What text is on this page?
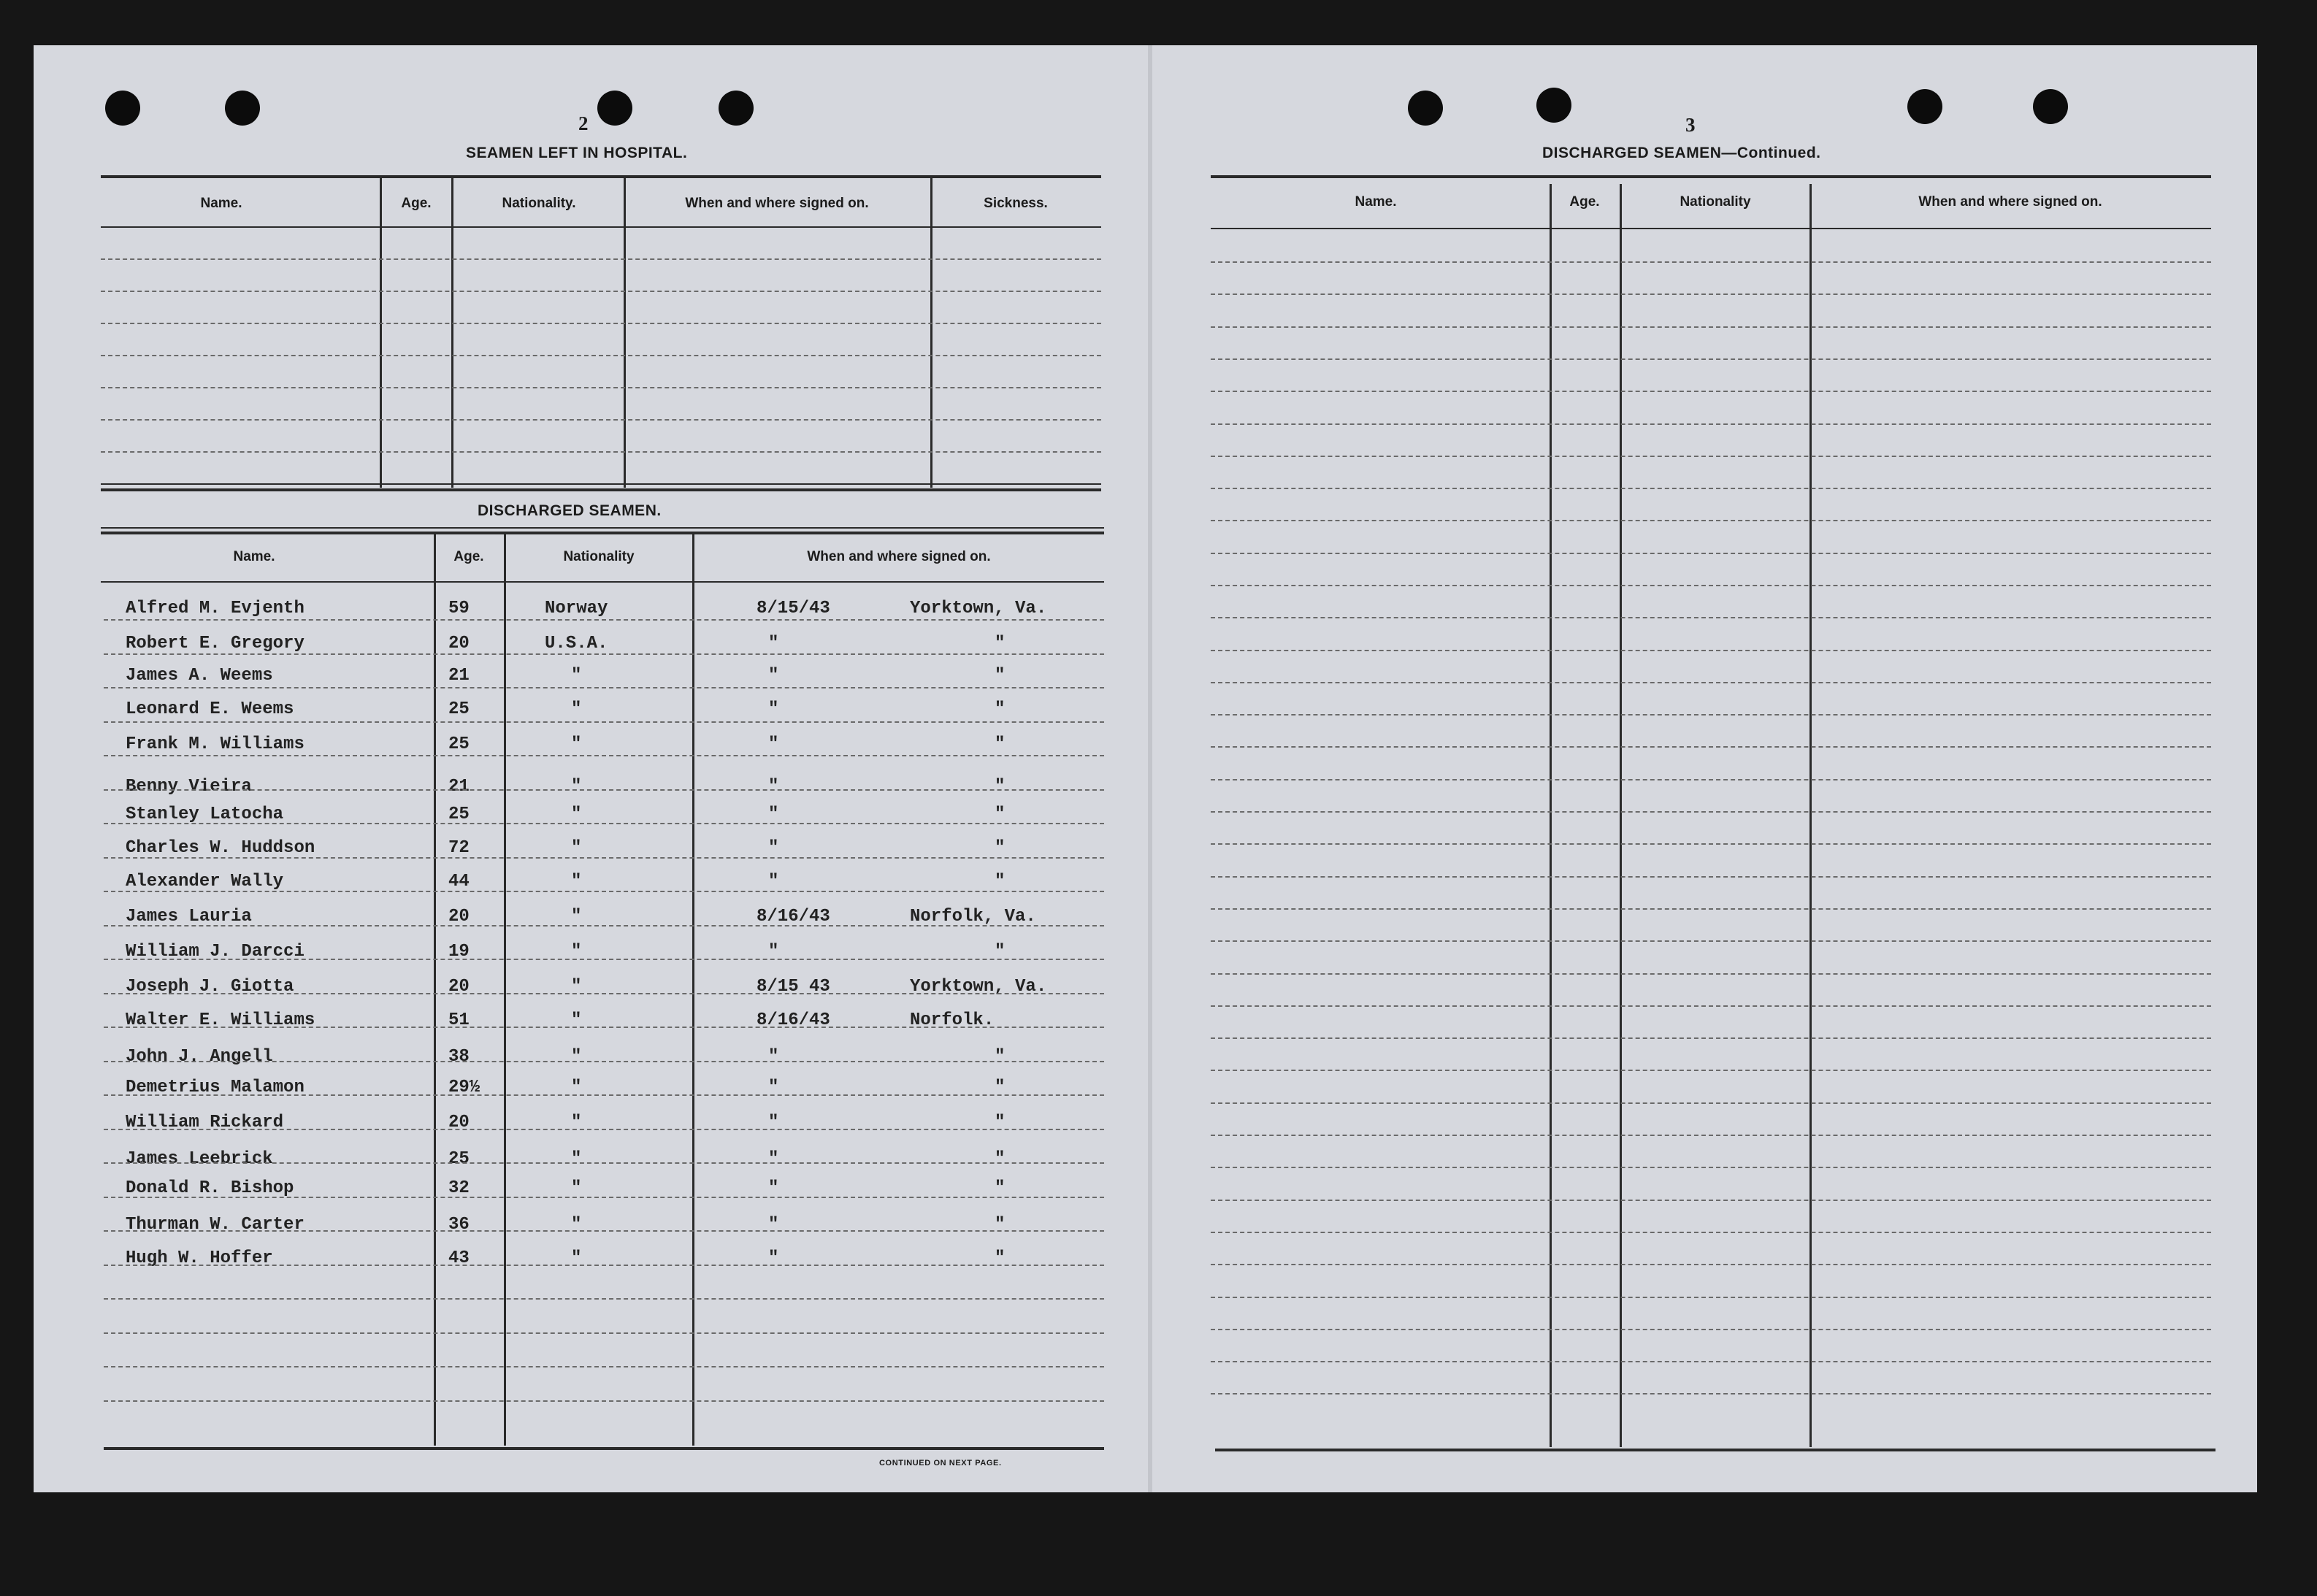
2
SEAMEN LEFT IN HOSPITAL.
Name.	Age.	Nationality.	When and where signed on.	Sickness.
DISCHARGED SEAMEN.
Name.	Age.	Nationality	When and where signed on.
Alfred M. Evjenth	59	Norway	8/15/43	Yorktown, Va.
Robert E. Gregory	20	U.S.A.	"	"
James A. Weems	21	"	"	"
Leonard E. Weems	25	"	"	"
Frank M. Williams	25	"	"	"
Benny Vieira	21	"	"	"
Stanley Latocha	25	"	"	"
Charles W. Huddson	72	"	"	"
Alexander Wally	44	"	"	"
James Lauria	20	"	8/16/43	Norfolk, Va.
William J. Darcci	19	"	"	"
Joseph J. Giotta	20	"	8/15 43	Yorktown, Va.
Walter E. Williams	51	"	8/16/43	Norfolk.
John J. Angell	38	"	"	"
Demetrius Malamon	29½	"	"	"
William Rickard	20	"	"	"
James Leebrick	25	"	"	"
Donald R. Bishop	32	"	"	"
Thurman W. Carter	36	"	"	"
Hugh W. Hoffer	43	"	"	"
CONTINUED ON NEXT PAGE.
3
DISCHARGED SEAMEN—Continued.
Name.	Age.	Nationality	When and where signed on.
